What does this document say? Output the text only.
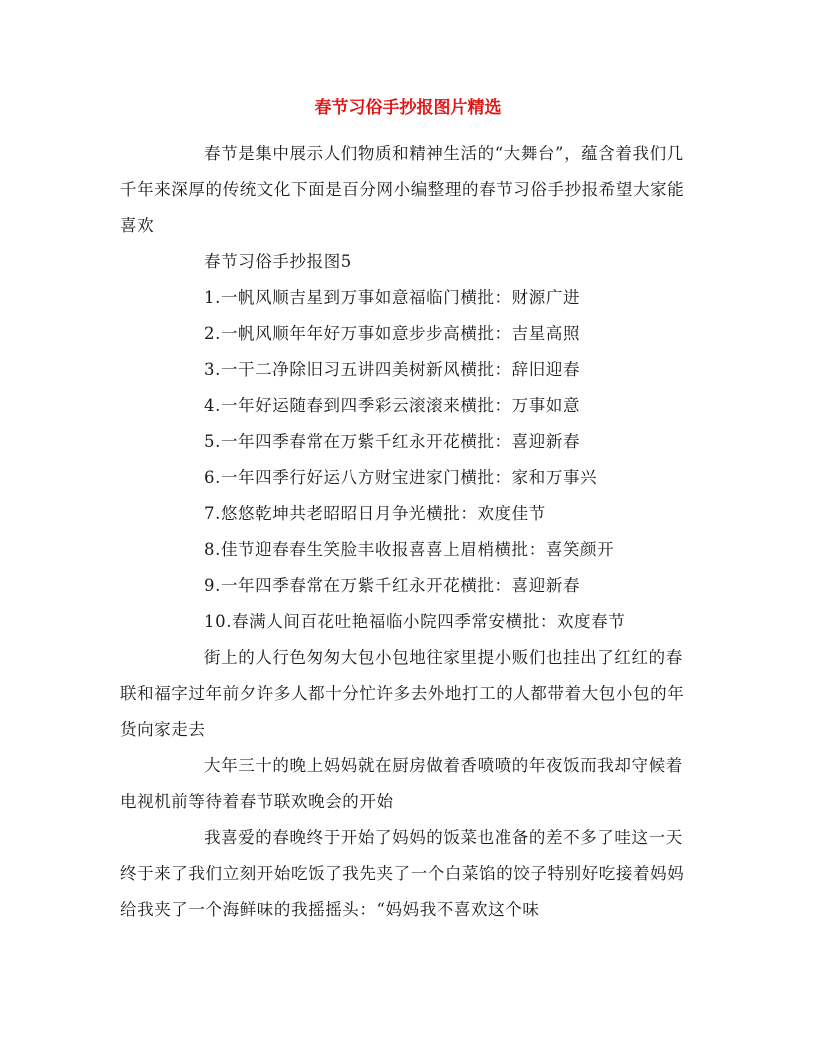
春节习俗手抄报图片精选

春节是集中展示人们物质和精神生活的“大舞台”，蕴含着我们几千年来深厚的传统文化下面是百分网小编整理的春节习俗手抄报希望大家能喜欢

春节习俗手抄报图5

1.一帆风顺吉星到万事如意福临门横批：财源广进

2.一帆风顺年年好万事如意步步高横批：吉星高照

3.一干二净除旧习五讲四美树新风横批：辞旧迎春

4.一年好运随春到四季彩云滚滚来横批：万事如意

5.一年四季春常在万紫千红永开花横批：喜迎新春

6.一年四季行好运八方财宝进家门横批：家和万事兴

7.悠悠乾坤共老昭昭日月争光横批：欢度佳节

8.佳节迎春春生笑脸丰收报喜喜上眉梢横批：喜笑颜开

9.一年四季春常在万紫千红永开花横批：喜迎新春

10.春满人间百花吐艳福临小院四季常安横批：欢度春节

街上的人行色匆匆大包小包地往家里提小贩们也挂出了红红的春联和福字过年前夕许多人都十分忙许多去外地打工的人都带着大包小包的年货向家走去

大年三十的晚上妈妈就在厨房做着香喷喷的年夜饭而我却守候着电视机前等待着春节联欢晚会的开始

我喜爱的春晚终于开始了妈妈的饭菜也准备的差不多了哇这一天终于来了我们立刻开始吃饭了我先夹了一个白菜馅的饺子特别好吃接着妈妈给我夹了一个海鲜味的我摇摇头：“妈妈我不喜欢这个味
